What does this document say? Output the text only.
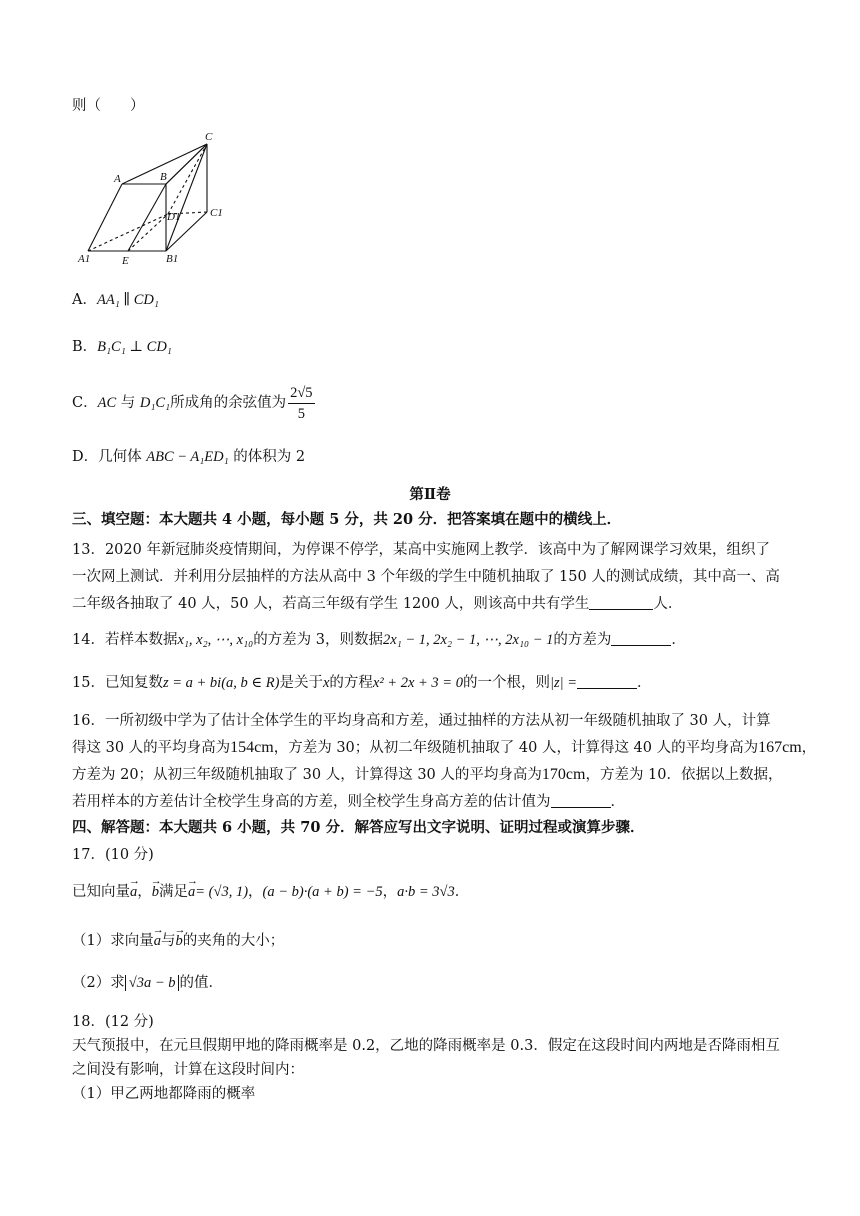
则（　　）
A	B
C
D1	C1
A1	E	B1
A．AA₁ ∥ CD₁
B．B₁C₁ ⊥ CD₁
C．AC 与 D₁C₁所成角的余弦值为 $\frac{2√5}{5}$
D．几何体 ABC − A₁ED₁ 的体积为 2
第Ⅱ卷
三、填空题：本大题共 4 小题，每小题 5 分，共 20 分．把答案填在题中的横线上．
13．2020 年新冠肺炎疫情期间，为停课不停学，某高中实施网上教学．该高中为了解网课学习效果，组织了
一次网上测试．并利用分层抽样的方法从高中 3 个年级的学生中随机抽取了 150 人的测试成绩，其中高一、高
二年级各抽取了 40 人，50 人，若高三年级有学生 1200 人，则该高中共有学生	人．
14．若样本数据x₁, x₂, ⋯, x₁₀的方差为 3，则数据2x₁ − 1, 2x₂ − 1, ⋯, 2x₁₀ − 1的方差为	．
15．已知复数z = a + bi(a, b ∈ R)是关于x的方程x² + 2x + 3 = 0的一个根，则|z| =	．
16．一所初级中学为了估计全体学生的平均身高和方差，通过抽样的方法从初一年级随机抽取了 30 人，计算
得这 30 人的平均身高为154cm，方差为 30；从初二年级随机抽取了 40 人，计算得这 40 人的平均身高为167cm，
方差为 20；从初三年级随机抽取了 30 人，计算得这 30 人的平均身高为170cm，方差为 10．依据以上数据，
若用样本的方差估计全校学生身高的方差，则全校学生身高方差的估计值为	．
四、解答题：本大题共 6 小题，共 70 分．解答应写出文字说明、证明过程或演算步骤．
17．(10 分)
已知向量→ a，→ b满足→ a= (√3, 1)，(a − b)·(a + b) = −5，a·b = 3√3．
（1）求向量→ a与→ b的夹角的大小；
（2）求 √3a − b 的值．
18．(12 分)
天气预报中，在元旦假期甲地的降雨概率是 0.2，乙地的降雨概率是 0.3．假定在这段时间内两地是否降雨相互
之间没有影响，计算在这段时间内：
（1）甲乙两地都降雨的概率
